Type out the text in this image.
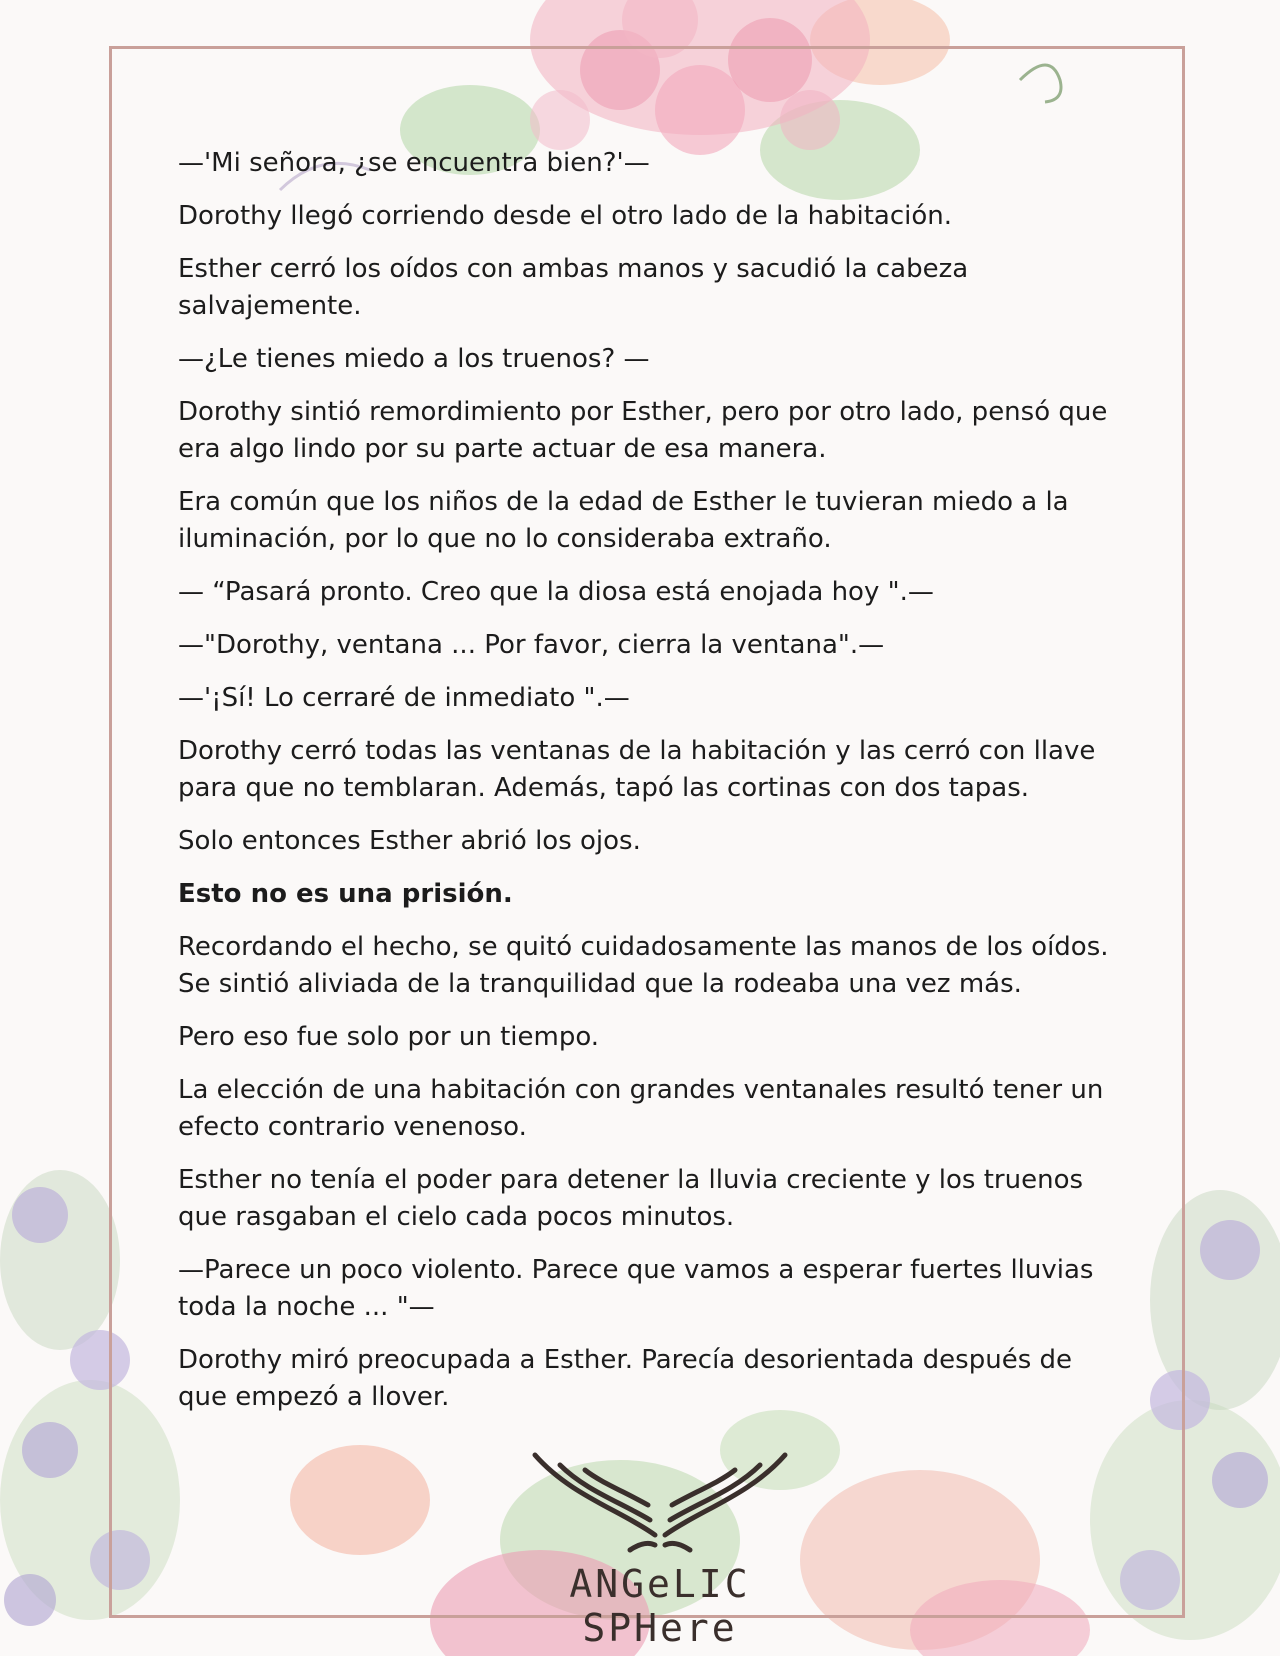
—'Mi señora, ¿se encuentra bien?'—

Dorothy llegó corriendo desde el otro lado de la habitación.

Esther cerró los oídos con ambas manos y sacudió la cabeza salvajemente.

—¿Le tienes miedo a los truenos? —

Dorothy sintió remordimiento por Esther, pero por otro lado, pensó que era algo lindo por su parte actuar de esa manera.

Era común que los niños de la edad de Esther le tuvieran miedo a la iluminación, por lo que no lo consideraba extraño.

— “Pasará pronto. Creo que la diosa está enojada hoy ".—

—"Dorothy, ventana ... Por favor, cierra la ventana".—

—'¡Sí! Lo cerraré de inmediato ".—

Dorothy cerró todas las ventanas de la habitación y las cerró con llave para que no temblaran. Además, tapó las cortinas con dos tapas.

Solo entonces Esther abrió los ojos.

Esto no es una prisión.

Recordando el hecho, se quitó cuidadosamente las manos de los oídos. Se sintió aliviada de la tranquilidad que la rodeaba una vez más.

Pero eso fue solo por un tiempo.

La elección de una habitación con grandes ventanales resultó tener un efecto contrario venenoso.

Esther no tenía el poder para detener la lluvia creciente y los truenos que rasgaban el cielo cada pocos minutos.

—Parece un poco violento. Parece que vamos a esperar fuertes lluvias toda la noche ... "—

Dorothy miró preocupada a Esther. Parecía desorientada después de que empezó a llover.

ANGeLIC SPHere
